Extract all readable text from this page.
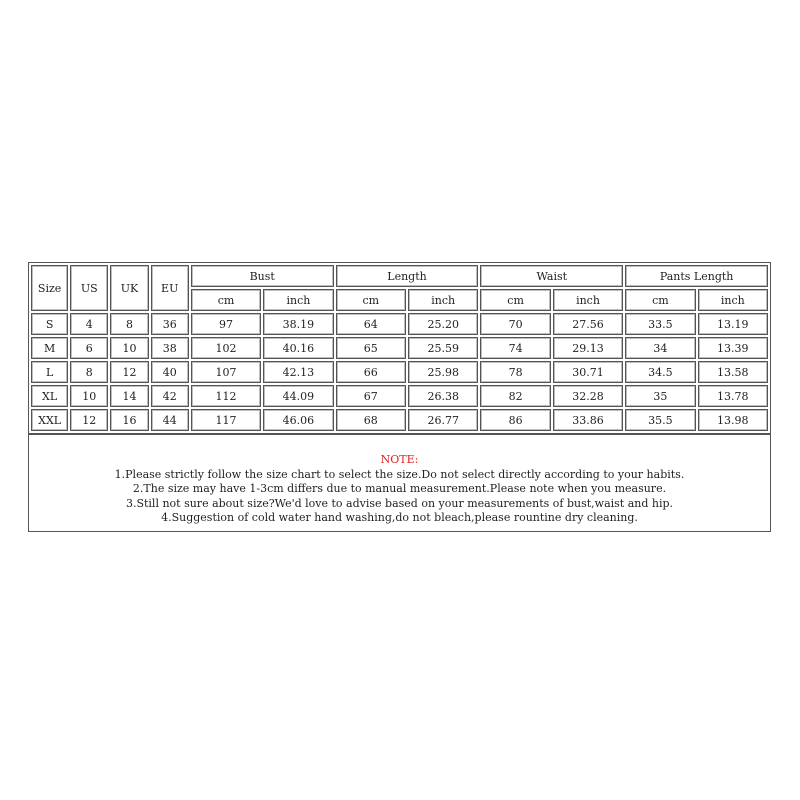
Size	US	UK	EU	Bust		Length		Waist		Pants Length	
				cm	inch	cm	inch	cm	inch	cm	inch
S	4	8	36	97	38.19	64	25.20	70	27.56	33.5	13.19
M	6	10	38	102	40.16	65	25.59	74	29.13	34	13.39
L	8	12	40	107	42.13	66	25.98	78	30.71	34.5	13.58
XL	10	14	42	112	44.09	67	26.38	82	32.28	35	13.78
XXL	12	16	44	117	46.06	68	26.77	86	33.86	35.5	13.98
NOTE:
1.Please strictly follow the size chart to select the size.Do not select directly according to your habits.
2.The size may have 1-3cm differs due to manual measurement.Please note when you measure.
3.Still not sure about size?We'd love to advise based on your measurements of bust,waist and hip.
4.Suggestion of cold water hand washing,do not bleach,please rountine dry cleaning.
